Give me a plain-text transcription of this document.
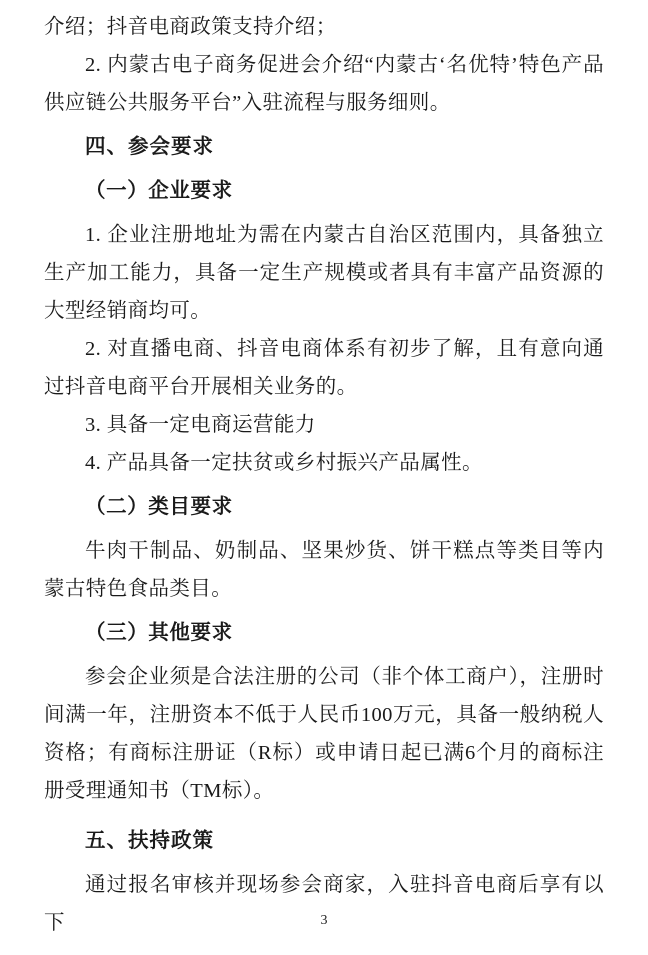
介绍；抖音电商政策支持介绍；

2. 内蒙古电子商务促进会介绍“内蒙古‘名优特’特色产品供应链公共服务平台”入驻流程与服务细则。

四、参会要求
（一）企业要求

1. 企业注册地址为需在内蒙古自治区范围内，具备独立生产加工能力，具备一定生产规模或者具有丰富产品资源的大型经销商均可。

2. 对直播电商、抖音电商体系有初步了解，且有意向通过抖音电商平台开展相关业务的。

3. 具备一定电商运营能力

4. 产品具备一定扶贫或乡村振兴产品属性。

（二）类目要求

牛肉干制品、奶制品、坚果炒货、饼干糕点等类目等内蒙古特色食品类目。

（三）其他要求

参会企业须是合法注册的公司（非个体工商户），注册时间满一年，注册资本不低于人民币100万元，具备一般纳税人资格；有商标注册证（R标）或申请日起已满6个月的商标注册受理通知书（TM标）。

五、扶持政策

通过报名审核并现场参会商家，入驻抖音电商后享有以下	3
